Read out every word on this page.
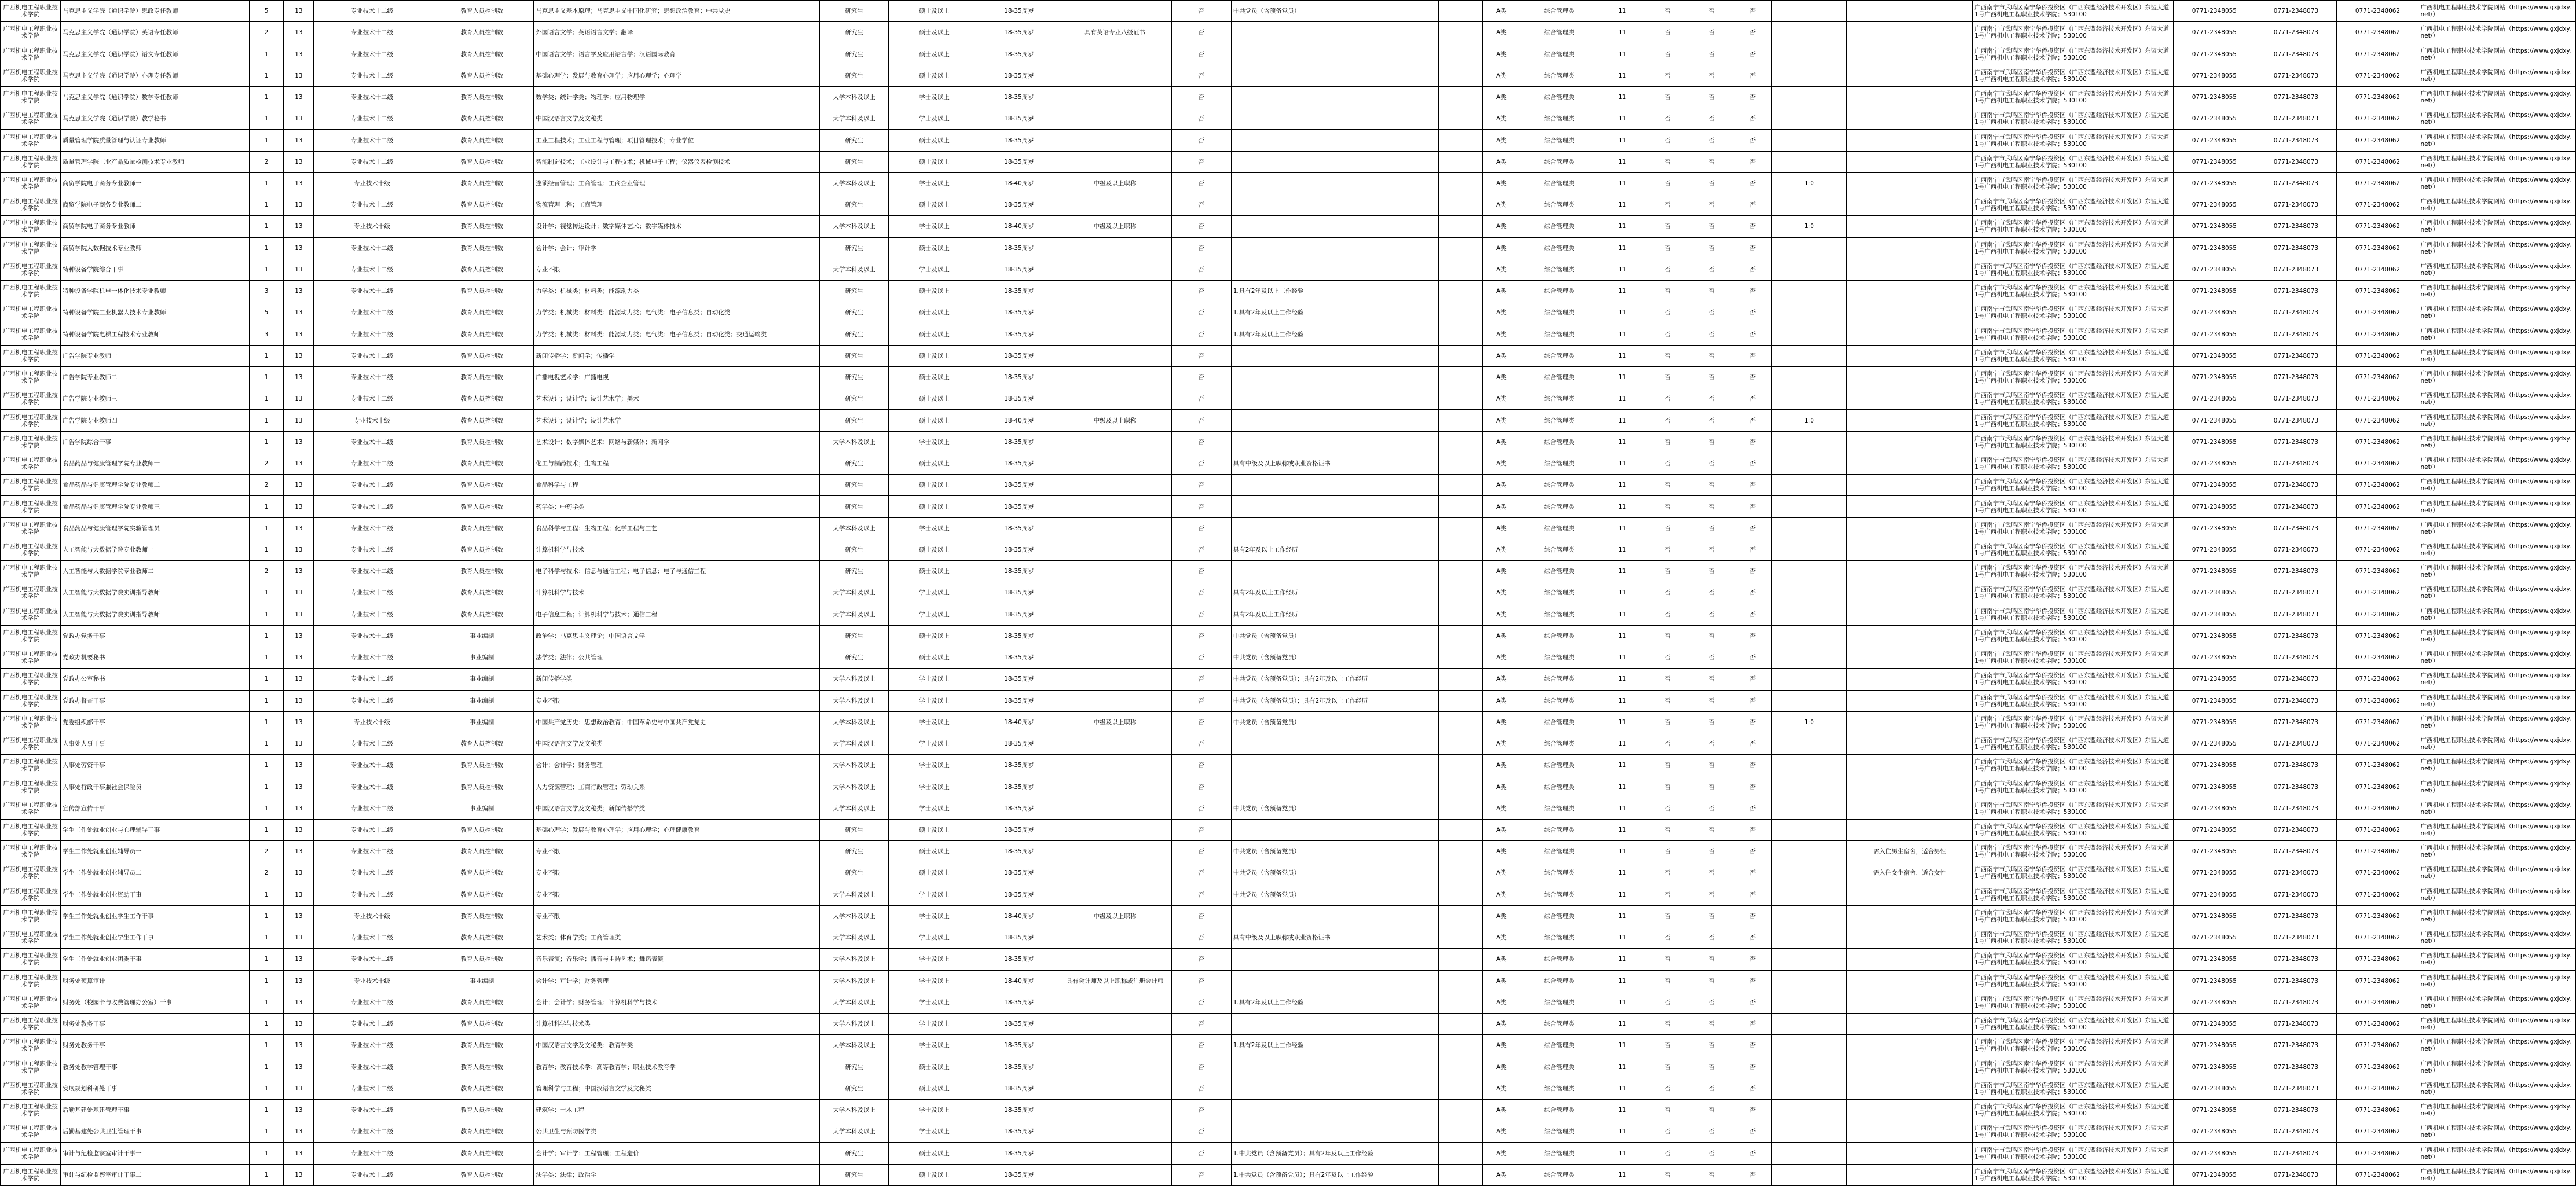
广西机电工程职业技术学院	马克思主义学院（通识学院）思政专任教师	5	13	专业技术十二级	教育人员控制数	马克思主义基本原理；马克思主义中国化研究；思想政治教育；中共党史	研究生	硕士及以上	18-35周岁		否	中共党员（含预备党员）		A类	综合管理类	11	否	否	否			广西南宁市武鸣区南宁华侨投资区（广西东盟经济技术开发区）东盟大道1号广西机电工程职业技术学院；530100	0771-2348055	0771-2348073	0771-2348062	广西机电工程职业技术学院网站（https://www.gxjdxy.net/）
广西机电工程职业技术学院	马克思主义学院（通识学院）英语专任教师	2	13	专业技术十二级	教育人员控制数	外国语言文学；英语语言文学；翻译	研究生	硕士及以上	18-35周岁	具有英语专业八级证书	否			A类	综合管理类	11	否	否	否			广西南宁市武鸣区南宁华侨投资区（广西东盟经济技术开发区）东盟大道1号广西机电工程职业技术学院；530100	0771-2348055	0771-2348073	0771-2348062	广西机电工程职业技术学院网站（https://www.gxjdxy.net/）
广西机电工程职业技术学院	马克思主义学院（通识学院）语文专任教师	1	13	专业技术十二级	教育人员控制数	中国语言文学；语言学及应用语言学；汉语国际教育	研究生	硕士及以上	18-35周岁		否			A类	综合管理类	11	否	否	否			广西南宁市武鸣区南宁华侨投资区（广西东盟经济技术开发区）东盟大道1号广西机电工程职业技术学院；530100	0771-2348055	0771-2348073	0771-2348062	广西机电工程职业技术学院网站（https://www.gxjdxy.net/）
广西机电工程职业技术学院	马克思主义学院（通识学院）心理专任教师	1	13	专业技术十二级	教育人员控制数	基础心理学；发展与教育心理学；应用心理学；心理学	研究生	硕士及以上	18-35周岁		否			A类	综合管理类	11	否	否	否			广西南宁市武鸣区南宁华侨投资区（广西东盟经济技术开发区）东盟大道1号广西机电工程职业技术学院；530100	0771-2348055	0771-2348073	0771-2348062	广西机电工程职业技术学院网站（https://www.gxjdxy.net/）
广西机电工程职业技术学院	马克思主义学院（通识学院）数学专任教师	1	13	专业技术十二级	教育人员控制数	数学类；统计学类；物理学；应用物理学	大学本科及以上	学士及以上	18-35周岁		否			A类	综合管理类	11	否	否	否			广西南宁市武鸣区南宁华侨投资区（广西东盟经济技术开发区）东盟大道1号广西机电工程职业技术学院；530100	0771-2348055	0771-2348073	0771-2348062	广西机电工程职业技术学院网站（https://www.gxjdxy.net/）
广西机电工程职业技术学院	马克思主义学院（通识学院）教学秘书	1	13	专业技术十二级	教育人员控制数	中国汉语言文学及文秘类	大学本科及以上	学士及以上	18-35周岁		否			A类	综合管理类	11	否	否	否			广西南宁市武鸣区南宁华侨投资区（广西东盟经济技术开发区）东盟大道1号广西机电工程职业技术学院；530100	0771-2348055	0771-2348073	0771-2348062	广西机电工程职业技术学院网站（https://www.gxjdxy.net/）
广西机电工程职业技术学院	质量管理学院质量管理与认证专业教师	1	13	专业技术十二级	教育人员控制数	工业工程技术；工业工程与管理；项目管理技术；专业学位	研究生	硕士及以上	18-35周岁		否			A类	综合管理类	11	否	否	否			广西南宁市武鸣区南宁华侨投资区（广西东盟经济技术开发区）东盟大道1号广西机电工程职业技术学院；530100	0771-2348055	0771-2348073	0771-2348062	广西机电工程职业技术学院网站（https://www.gxjdxy.net/）
广西机电工程职业技术学院	质量管理学院工业产品质量检测技术专业教师	2	13	专业技术十二级	教育人员控制数	智能制造技术；工业设计与工程技术；机械电子工程；仪器仪表检测技术	研究生	硕士及以上	18-35周岁		否			A类	综合管理类	11	否	否	否			广西南宁市武鸣区南宁华侨投资区（广西东盟经济技术开发区）东盟大道1号广西机电工程职业技术学院；530100	0771-2348055	0771-2348073	0771-2348062	广西机电工程职业技术学院网站（https://www.gxjdxy.net/）
广西机电工程职业技术学院	商贸学院电子商务专业教师一	1	13	专业技术十级	教育人员控制数	连锁经营管理；工商管理；工商企业管理	大学本科及以上	学士及以上	18-40周岁	中级及以上职称	否			A类	综合管理类	11	否	否	否	1:0		广西南宁市武鸣区南宁华侨投资区（广西东盟经济技术开发区）东盟大道1号广西机电工程职业技术学院；530100	0771-2348055	0771-2348073	0771-2348062	广西机电工程职业技术学院网站（https://www.gxjdxy.net/）
广西机电工程职业技术学院	商贸学院电子商务专业教师二	1	13	专业技术十二级	教育人员控制数	物流管理工程；工商管理	研究生	硕士及以上	18-35周岁		否			A类	综合管理类	11	否	否	否			广西南宁市武鸣区南宁华侨投资区（广西东盟经济技术开发区）东盟大道1号广西机电工程职业技术学院；530100	0771-2348055	0771-2348073	0771-2348062	广西机电工程职业技术学院网站（https://www.gxjdxy.net/）
广西机电工程职业技术学院	商贸学院电子商务专业教师	1	13	专业技术十级	教育人员控制数	设计学；视觉传达设计；数字媒体艺术；数字媒体技术	大学本科及以上	学士及以上	18-40周岁	中级及以上职称	否			A类	综合管理类	11	否	否	否	1:0		广西南宁市武鸣区南宁华侨投资区（广西东盟经济技术开发区）东盟大道1号广西机电工程职业技术学院；530100	0771-2348055	0771-2348073	0771-2348062	广西机电工程职业技术学院网站（https://www.gxjdxy.net/）
广西机电工程职业技术学院	商贸学院大数据技术专业教师	1	13	专业技术十二级	教育人员控制数	会计学；会计；审计学	研究生	硕士及以上	18-35周岁		否			A类	综合管理类	11	否	否	否			广西南宁市武鸣区南宁华侨投资区（广西东盟经济技术开发区）东盟大道1号广西机电工程职业技术学院；530100	0771-2348055	0771-2348073	0771-2348062	广西机电工程职业技术学院网站（https://www.gxjdxy.net/）
广西机电工程职业技术学院	特种设备学院综合干事	1	13	专业技术十二级	教育人员控制数	专业不限	大学本科及以上	学士及以上	18-35周岁		否			A类	综合管理类	11	否	否	否			广西南宁市武鸣区南宁华侨投资区（广西东盟经济技术开发区）东盟大道1号广西机电工程职业技术学院；530100	0771-2348055	0771-2348073	0771-2348062	广西机电工程职业技术学院网站（https://www.gxjdxy.net/）
广西机电工程职业技术学院	特种设备学院机电一体化技术专业教师	3	13	专业技术十二级	教育人员控制数	力学类；机械类；材料类；能源动力类	研究生	硕士及以上	18-35周岁		否	1.具有2年及以上工作经验		A类	综合管理类	11	否	否	否			广西南宁市武鸣区南宁华侨投资区（广西东盟经济技术开发区）东盟大道1号广西机电工程职业技术学院；530100	0771-2348055	0771-2348073	0771-2348062	广西机电工程职业技术学院网站（https://www.gxjdxy.net/）
广西机电工程职业技术学院	特种设备学院工业机器人技术专业教师	5	13	专业技术十二级	教育人员控制数	力学类；机械类；材料类；能源动力类；电气类；电子信息类；自动化类	研究生	硕士及以上	18-35周岁		否	1.具有2年及以上工作经验		A类	综合管理类	11	否	否	否			广西南宁市武鸣区南宁华侨投资区（广西东盟经济技术开发区）东盟大道1号广西机电工程职业技术学院；530100	0771-2348055	0771-2348073	0771-2348062	广西机电工程职业技术学院网站（https://www.gxjdxy.net/）
广西机电工程职业技术学院	特种设备学院电梯工程技术专业教师	3	13	专业技术十二级	教育人员控制数	力学类；机械类；材料类；能源动力类；电气类；电子信息类；自动化类；交通运输类	研究生	硕士及以上	18-35周岁		否	1.具有2年及以上工作经验		A类	综合管理类	11	否	否	否			广西南宁市武鸣区南宁华侨投资区（广西东盟经济技术开发区）东盟大道1号广西机电工程职业技术学院；530100	0771-2348055	0771-2348073	0771-2348062	广西机电工程职业技术学院网站（https://www.gxjdxy.net/）
广西机电工程职业技术学院	广告学院专业教师一	1	13	专业技术十二级	教育人员控制数	新闻传播学；新闻学；传播学	研究生	硕士及以上	18-35周岁		否			A类	综合管理类	11	否	否	否			广西南宁市武鸣区南宁华侨投资区（广西东盟经济技术开发区）东盟大道1号广西机电工程职业技术学院；530100	0771-2348055	0771-2348073	0771-2348062	广西机电工程职业技术学院网站（https://www.gxjdxy.net/）
广西机电工程职业技术学院	广告学院专业教师二	1	13	专业技术十二级	教育人员控制数	广播电视艺术学；广播电视	研究生	硕士及以上	18-35周岁		否			A类	综合管理类	11	否	否	否			广西南宁市武鸣区南宁华侨投资区（广西东盟经济技术开发区）东盟大道1号广西机电工程职业技术学院；530100	0771-2348055	0771-2348073	0771-2348062	广西机电工程职业技术学院网站（https://www.gxjdxy.net/）
广西机电工程职业技术学院	广告学院专业教师三	1	13	专业技术十二级	教育人员控制数	艺术设计；设计学；设计艺术学；美术	研究生	硕士及以上	18-35周岁		否			A类	综合管理类	11	否	否	否			广西南宁市武鸣区南宁华侨投资区（广西东盟经济技术开发区）东盟大道1号广西机电工程职业技术学院；530100	0771-2348055	0771-2348073	0771-2348062	广西机电工程职业技术学院网站（https://www.gxjdxy.net/）
广西机电工程职业技术学院	广告学院专业教师四	1	13	专业技术十级	教育人员控制数	艺术设计；设计学；设计艺术学	研究生	硕士及以上	18-40周岁	中级及以上职称	否			A类	综合管理类	11	否	否	否	1:0		广西南宁市武鸣区南宁华侨投资区（广西东盟经济技术开发区）东盟大道1号广西机电工程职业技术学院；530100	0771-2348055	0771-2348073	0771-2348062	广西机电工程职业技术学院网站（https://www.gxjdxy.net/）
广西机电工程职业技术学院	广告学院综合干事	1	13	专业技术十二级	教育人员控制数	艺术设计；数字媒体艺术；网络与新媒体；新闻学	大学本科及以上	学士及以上	18-35周岁		否			A类	综合管理类	11	否	否	否			广西南宁市武鸣区南宁华侨投资区（广西东盟经济技术开发区）东盟大道1号广西机电工程职业技术学院；530100	0771-2348055	0771-2348073	0771-2348062	广西机电工程职业技术学院网站（https://www.gxjdxy.net/）
广西机电工程职业技术学院	食品药品与健康管理学院专业教师一	2	13	专业技术十二级	教育人员控制数	化工与制药技术；生物工程	研究生	硕士及以上	18-35周岁		否	具有中级及以上职称或职业资格证书		A类	综合管理类	11	否	否	否			广西南宁市武鸣区南宁华侨投资区（广西东盟经济技术开发区）东盟大道1号广西机电工程职业技术学院；530100	0771-2348055	0771-2348073	0771-2348062	广西机电工程职业技术学院网站（https://www.gxjdxy.net/）
广西机电工程职业技术学院	食品药品与健康管理学院专业教师二	2	13	专业技术十二级	教育人员控制数	食品科学与工程	研究生	硕士及以上	18-35周岁		否			A类	综合管理类	11	否	否	否			广西南宁市武鸣区南宁华侨投资区（广西东盟经济技术开发区）东盟大道1号广西机电工程职业技术学院；530100	0771-2348055	0771-2348073	0771-2348062	广西机电工程职业技术学院网站（https://www.gxjdxy.net/）
广西机电工程职业技术学院	食品药品与健康管理学院专业教师三	1	13	专业技术十二级	教育人员控制数	药学类；中药学类	研究生	硕士及以上	18-35周岁		否			A类	综合管理类	11	否	否	否			广西南宁市武鸣区南宁华侨投资区（广西东盟经济技术开发区）东盟大道1号广西机电工程职业技术学院；530100	0771-2348055	0771-2348073	0771-2348062	广西机电工程职业技术学院网站（https://www.gxjdxy.net/）
广西机电工程职业技术学院	食品药品与健康管理学院实验管理员	1	13	专业技术十二级	教育人员控制数	食品科学与工程；生物工程；化学工程与工艺	大学本科及以上	学士及以上	18-35周岁		否			A类	综合管理类	11	否	否	否			广西南宁市武鸣区南宁华侨投资区（广西东盟经济技术开发区）东盟大道1号广西机电工程职业技术学院；530100	0771-2348055	0771-2348073	0771-2348062	广西机电工程职业技术学院网站（https://www.gxjdxy.net/）
广西机电工程职业技术学院	人工智能与大数据学院专业教师一	1	13	专业技术十二级	教育人员控制数	计算机科学与技术	研究生	硕士及以上	18-35周岁		否	具有2年及以上工作经历		A类	综合管理类	11	否	否	否			广西南宁市武鸣区南宁华侨投资区（广西东盟经济技术开发区）东盟大道1号广西机电工程职业技术学院；530100	0771-2348055	0771-2348073	0771-2348062	广西机电工程职业技术学院网站（https://www.gxjdxy.net/）
广西机电工程职业技术学院	人工智能与大数据学院专业教师二	2	13	专业技术十二级	教育人员控制数	电子科学与技术；信息与通信工程；电子信息；电子与通信工程	研究生	硕士及以上	18-35周岁		否			A类	综合管理类	11	否	否	否			广西南宁市武鸣区南宁华侨投资区（广西东盟经济技术开发区）东盟大道1号广西机电工程职业技术学院；530100	0771-2348055	0771-2348073	0771-2348062	广西机电工程职业技术学院网站（https://www.gxjdxy.net/）
广西机电工程职业技术学院	人工智能与大数据学院实训指导教师	1	13	专业技术十二级	教育人员控制数	计算机科学与技术	大学本科及以上	学士及以上	18-35周岁		否	具有2年及以上工作经历		A类	综合管理类	11	否	否	否			广西南宁市武鸣区南宁华侨投资区（广西东盟经济技术开发区）东盟大道1号广西机电工程职业技术学院；530100	0771-2348055	0771-2348073	0771-2348062	广西机电工程职业技术学院网站（https://www.gxjdxy.net/）
广西机电工程职业技术学院	人工智能与大数据学院实训指导教师	1	13	专业技术十二级	教育人员控制数	电子信息工程；计算机科学与技术；通信工程	大学本科及以上	学士及以上	18-35周岁		否	具有2年及以上工作经历		A类	综合管理类	11	否	否	否			广西南宁市武鸣区南宁华侨投资区（广西东盟经济技术开发区）东盟大道1号广西机电工程职业技术学院；530100	0771-2348055	0771-2348073	0771-2348062	广西机电工程职业技术学院网站（https://www.gxjdxy.net/）
广西机电工程职业技术学院	党政办党务干事	1	13	专业技术十二级	事业编制	政治学；马克思主义理论；中国语言文学	研究生	硕士及以上	18-35周岁		否	中共党员（含预备党员）		A类	综合管理类	11	否	否	否			广西南宁市武鸣区南宁华侨投资区（广西东盟经济技术开发区）东盟大道1号广西机电工程职业技术学院；530100	0771-2348055	0771-2348073	0771-2348062	广西机电工程职业技术学院网站（https://www.gxjdxy.net/）
广西机电工程职业技术学院	党政办机要秘书	1	13	专业技术十二级	事业编制	法学类；法律；公共管理	研究生	硕士及以上	18-35周岁		否	中共党员（含预备党员）		A类	综合管理类	11	否	否	否			广西南宁市武鸣区南宁华侨投资区（广西东盟经济技术开发区）东盟大道1号广西机电工程职业技术学院；530100	0771-2348055	0771-2348073	0771-2348062	广西机电工程职业技术学院网站（https://www.gxjdxy.net/）
广西机电工程职业技术学院	党政办公室秘书	1	13	专业技术十二级	事业编制	新闻传播学类	大学本科及以上	学士及以上	18-35周岁		否	中共党员（含预备党员）；具有2年及以上工作经历		A类	综合管理类	11	否	否	否			广西南宁市武鸣区南宁华侨投资区（广西东盟经济技术开发区）东盟大道1号广西机电工程职业技术学院；530100	0771-2348055	0771-2348073	0771-2348062	广西机电工程职业技术学院网站（https://www.gxjdxy.net/）
广西机电工程职业技术学院	党政办督查干事	1	13	专业技术十二级	事业编制	专业不限	大学本科及以上	学士及以上	18-35周岁		否	中共党员（含预备党员）；具有2年及以上工作经历		A类	综合管理类	11	否	否	否			广西南宁市武鸣区南宁华侨投资区（广西东盟经济技术开发区）东盟大道1号广西机电工程职业技术学院；530100	0771-2348055	0771-2348073	0771-2348062	广西机电工程职业技术学院网站（https://www.gxjdxy.net/）
广西机电工程职业技术学院	党委组织部干事	1	13	专业技术十级	事业编制	中国共产党历史；思想政治教育；中国革命史与中国共产党党史	大学本科及以上	学士及以上	18-40周岁	中级及以上职称	否	中共党员（含预备党员）		A类	综合管理类	11	否	否	否	1:0		广西南宁市武鸣区南宁华侨投资区（广西东盟经济技术开发区）东盟大道1号广西机电工程职业技术学院；530100	0771-2348055	0771-2348073	0771-2348062	广西机电工程职业技术学院网站（https://www.gxjdxy.net/）
广西机电工程职业技术学院	人事处人事干事	1	13	专业技术十二级	教育人员控制数	中国汉语言文学及文秘类	大学本科及以上	学士及以上	18-35周岁		否			A类	综合管理类	11	否	否	否			广西南宁市武鸣区南宁华侨投资区（广西东盟经济技术开发区）东盟大道1号广西机电工程职业技术学院；530100	0771-2348055	0771-2348073	0771-2348062	广西机电工程职业技术学院网站（https://www.gxjdxy.net/）
广西机电工程职业技术学院	人事处劳资干事	1	13	专业技术十二级	教育人员控制数	会计；会计学；财务管理	大学本科及以上	学士及以上	18-35周岁		否			A类	综合管理类	11	否	否	否			广西南宁市武鸣区南宁华侨投资区（广西东盟经济技术开发区）东盟大道1号广西机电工程职业技术学院；530100	0771-2348055	0771-2348073	0771-2348062	广西机电工程职业技术学院网站（https://www.gxjdxy.net/）
广西机电工程职业技术学院	人事处行政干事兼社会保险员	1	13	专业技术十二级	教育人员控制数	人力资源管理；工商行政管理；劳动关系	大学本科及以上	学士及以上	18-35周岁		否			A类	综合管理类	11	否	否	否			广西南宁市武鸣区南宁华侨投资区（广西东盟经济技术开发区）东盟大道1号广西机电工程职业技术学院；530100	0771-2348055	0771-2348073	0771-2348062	广西机电工程职业技术学院网站（https://www.gxjdxy.net/）
广西机电工程职业技术学院	宣传部宣传干事	1	13	专业技术十二级	事业编制	中国汉语言文学及文秘类；新闻传播学类	大学本科及以上	学士及以上	18-35周岁		否	中共党员（含预备党员）		A类	综合管理类	11	否	否	否			广西南宁市武鸣区南宁华侨投资区（广西东盟经济技术开发区）东盟大道1号广西机电工程职业技术学院；530100	0771-2348055	0771-2348073	0771-2348062	广西机电工程职业技术学院网站（https://www.gxjdxy.net/）
广西机电工程职业技术学院	学生工作处就业创业与心理辅导干事	1	13	专业技术十二级	教育人员控制数	基础心理学；发展与教育心理学；应用心理学；心理健康教育	研究生	硕士及以上	18-35周岁		否			A类	综合管理类	11	否	否	否			广西南宁市武鸣区南宁华侨投资区（广西东盟经济技术开发区）东盟大道1号广西机电工程职业技术学院；530100	0771-2348055	0771-2348073	0771-2348062	广西机电工程职业技术学院网站（https://www.gxjdxy.net/）
广西机电工程职业技术学院	学生工作处就业创业辅导员一	2	13	专业技术十二级	教育人员控制数	专业不限	研究生	硕士及以上	18-35周岁		否	中共党员（含预备党员）		A类	综合管理类	11	否	否	否		需入住男生宿舍，适合男性	广西南宁市武鸣区南宁华侨投资区（广西东盟经济技术开发区）东盟大道1号广西机电工程职业技术学院；530100	0771-2348055	0771-2348073	0771-2348062	广西机电工程职业技术学院网站（https://www.gxjdxy.net/）
广西机电工程职业技术学院	学生工作处就业创业辅导员二	2	13	专业技术十二级	教育人员控制数	专业不限	研究生	硕士及以上	18-35周岁		否	中共党员（含预备党员）		A类	综合管理类	11	否	否	否		需入住女生宿舍，适合女性	广西南宁市武鸣区南宁华侨投资区（广西东盟经济技术开发区）东盟大道1号广西机电工程职业技术学院；530100	0771-2348055	0771-2348073	0771-2348062	广西机电工程职业技术学院网站（https://www.gxjdxy.net/）
广西机电工程职业技术学院	学生工作处就业创业资助干事	1	13	专业技术十二级	教育人员控制数	专业不限	大学本科及以上	学士及以上	18-35周岁		否	中共党员（含预备党员）		A类	综合管理类	11	否	否	否			广西南宁市武鸣区南宁华侨投资区（广西东盟经济技术开发区）东盟大道1号广西机电工程职业技术学院；530100	0771-2348055	0771-2348073	0771-2348062	广西机电工程职业技术学院网站（https://www.gxjdxy.net/）
广西机电工程职业技术学院	学生工作处就业创业学生工作干事	1	13	专业技术十级	教育人员控制数	专业不限	大学本科及以上	学士及以上	18-40周岁	中级及以上职称	否			A类	综合管理类	11	否	否	否			广西南宁市武鸣区南宁华侨投资区（广西东盟经济技术开发区）东盟大道1号广西机电工程职业技术学院；530100	0771-2348055	0771-2348073	0771-2348062	广西机电工程职业技术学院网站（https://www.gxjdxy.net/）
广西机电工程职业技术学院	学生工作处就业创业学生工作干事	1	13	专业技术十二级	教育人员控制数	艺术类；体育学类；工商管理类	大学本科及以上	学士及以上	18-35周岁		否	具有中级及以上职称或职业资格证书		A类	综合管理类	11	否	否	否			广西南宁市武鸣区南宁华侨投资区（广西东盟经济技术开发区）东盟大道1号广西机电工程职业技术学院；530100	0771-2348055	0771-2348073	0771-2348062	广西机电工程职业技术学院网站（https://www.gxjdxy.net/）
广西机电工程职业技术学院	学生工作处就业创业团委干事	1	13	专业技术十二级	教育人员控制数	音乐表演；音乐学；播音与主持艺术；舞蹈表演	大学本科及以上	学士及以上	18-35周岁		否			A类	综合管理类	11	否	否	否			广西南宁市武鸣区南宁华侨投资区（广西东盟经济技术开发区）东盟大道1号广西机电工程职业技术学院；530100	0771-2348055	0771-2348073	0771-2348062	广西机电工程职业技术学院网站（https://www.gxjdxy.net/）
广西机电工程职业技术学院	财务处预算审计	1	13	专业技术十级	事业编制	会计学；审计学；财务管理	大学本科及以上	学士及以上	18-40周岁	具有会计师及以上职称或注册会计师	否			A类	综合管理类	11	否	否	否			广西南宁市武鸣区南宁华侨投资区（广西东盟经济技术开发区）东盟大道1号广西机电工程职业技术学院；530100	0771-2348055	0771-2348073	0771-2348062	广西机电工程职业技术学院网站（https://www.gxjdxy.net/）
广西机电工程职业技术学院	财务处（校园卡与收费管理办公室）干事	1	13	专业技术十二级	教育人员控制数	会计；会计学；财务管理；计算机科学与技术	大学本科及以上	学士及以上	18-35周岁		否	1.具有2年及以上工作经验		A类	综合管理类	11	否	否	否			广西南宁市武鸣区南宁华侨投资区（广西东盟经济技术开发区）东盟大道1号广西机电工程职业技术学院；530100	0771-2348055	0771-2348073	0771-2348062	广西机电工程职业技术学院网站（https://www.gxjdxy.net/）
广西机电工程职业技术学院	财务处教务干事	1	13	专业技术十二级	教育人员控制数	计算机科学与技术类	大学本科及以上	学士及以上	18-35周岁		否			A类	综合管理类	11	否	否	否			广西南宁市武鸣区南宁华侨投资区（广西东盟经济技术开发区）东盟大道1号广西机电工程职业技术学院；530100	0771-2348055	0771-2348073	0771-2348062	广西机电工程职业技术学院网站（https://www.gxjdxy.net/）
广西机电工程职业技术学院	财务处教务干事	1	13	专业技术十二级	教育人员控制数	中国汉语言文学及文秘类；教育学类	大学本科及以上	学士及以上	18-35周岁		否	1.具有2年及以上工作经验		A类	综合管理类	11	否	否	否			广西南宁市武鸣区南宁华侨投资区（广西东盟经济技术开发区）东盟大道1号广西机电工程职业技术学院；530100	0771-2348055	0771-2348073	0771-2348062	广西机电工程职业技术学院网站（https://www.gxjdxy.net/）
广西机电工程职业技术学院	教务处教学管理干事	1	13	专业技术十二级	教育人员控制数	教育学；教育技术学；高等教育学；职业技术教育学	研究生	硕士及以上	18-35周岁		否			A类	综合管理类	11	否	否	否			广西南宁市武鸣区南宁华侨投资区（广西东盟经济技术开发区）东盟大道1号广西机电工程职业技术学院；530100	0771-2348055	0771-2348073	0771-2348062	广西机电工程职业技术学院网站（https://www.gxjdxy.net/）
广西机电工程职业技术学院	发展规划科研处干事	1	13	专业技术十二级	教育人员控制数	管理科学与工程；中国汉语言文学及文秘类	研究生	硕士及以上	18-35周岁		否			A类	综合管理类	11	否	否	否			广西南宁市武鸣区南宁华侨投资区（广西东盟经济技术开发区）东盟大道1号广西机电工程职业技术学院；530100	0771-2348055	0771-2348073	0771-2348062	广西机电工程职业技术学院网站（https://www.gxjdxy.net/）
广西机电工程职业技术学院	后勤基建处基建管理干事	1	13	专业技术十二级	教育人员控制数	建筑学；土木工程	大学本科及以上	学士及以上	18-35周岁		否			A类	综合管理类	11	否	否	否			广西南宁市武鸣区南宁华侨投资区（广西东盟经济技术开发区）东盟大道1号广西机电工程职业技术学院；530100	0771-2348055	0771-2348073	0771-2348062	广西机电工程职业技术学院网站（https://www.gxjdxy.net/）
广西机电工程职业技术学院	后勤基建处公共卫生管理干事	1	13	专业技术十二级	教育人员控制数	公共卫生与预防医学类	大学本科及以上	学士及以上	18-35周岁		否			A类	综合管理类	11	否	否	否			广西南宁市武鸣区南宁华侨投资区（广西东盟经济技术开发区）东盟大道1号广西机电工程职业技术学院；530100	0771-2348055	0771-2348073	0771-2348062	广西机电工程职业技术学院网站（https://www.gxjdxy.net/）
广西机电工程职业技术学院	审计与纪检监察室审计干事一	1	13	专业技术十二级	教育人员控制数	会计学；审计学；工程管理；工程造价	研究生	硕士及以上	18-35周岁		否	1.中共党员（含预备党员）；具有2年及以上工作经验		A类	综合管理类	11	否	否	否			广西南宁市武鸣区南宁华侨投资区（广西东盟经济技术开发区）东盟大道1号广西机电工程职业技术学院；530100	0771-2348055	0771-2348073	0771-2348062	广西机电工程职业技术学院网站（https://www.gxjdxy.net/）
广西机电工程职业技术学院	审计与纪检监察室审计干事二	1	13	专业技术十二级	教育人员控制数	法学类；法律；政治学	研究生	硕士及以上	18-35周岁		否	1.中共党员（含预备党员）；具有2年及以上工作经验		A类	综合管理类	11	否	否	否			广西南宁市武鸣区南宁华侨投资区（广西东盟经济技术开发区）东盟大道1号广西机电工程职业技术学院；530100	0771-2348055	0771-2348073	0771-2348062	广西机电工程职业技术学院网站（https://www.gxjdxy.net/）
